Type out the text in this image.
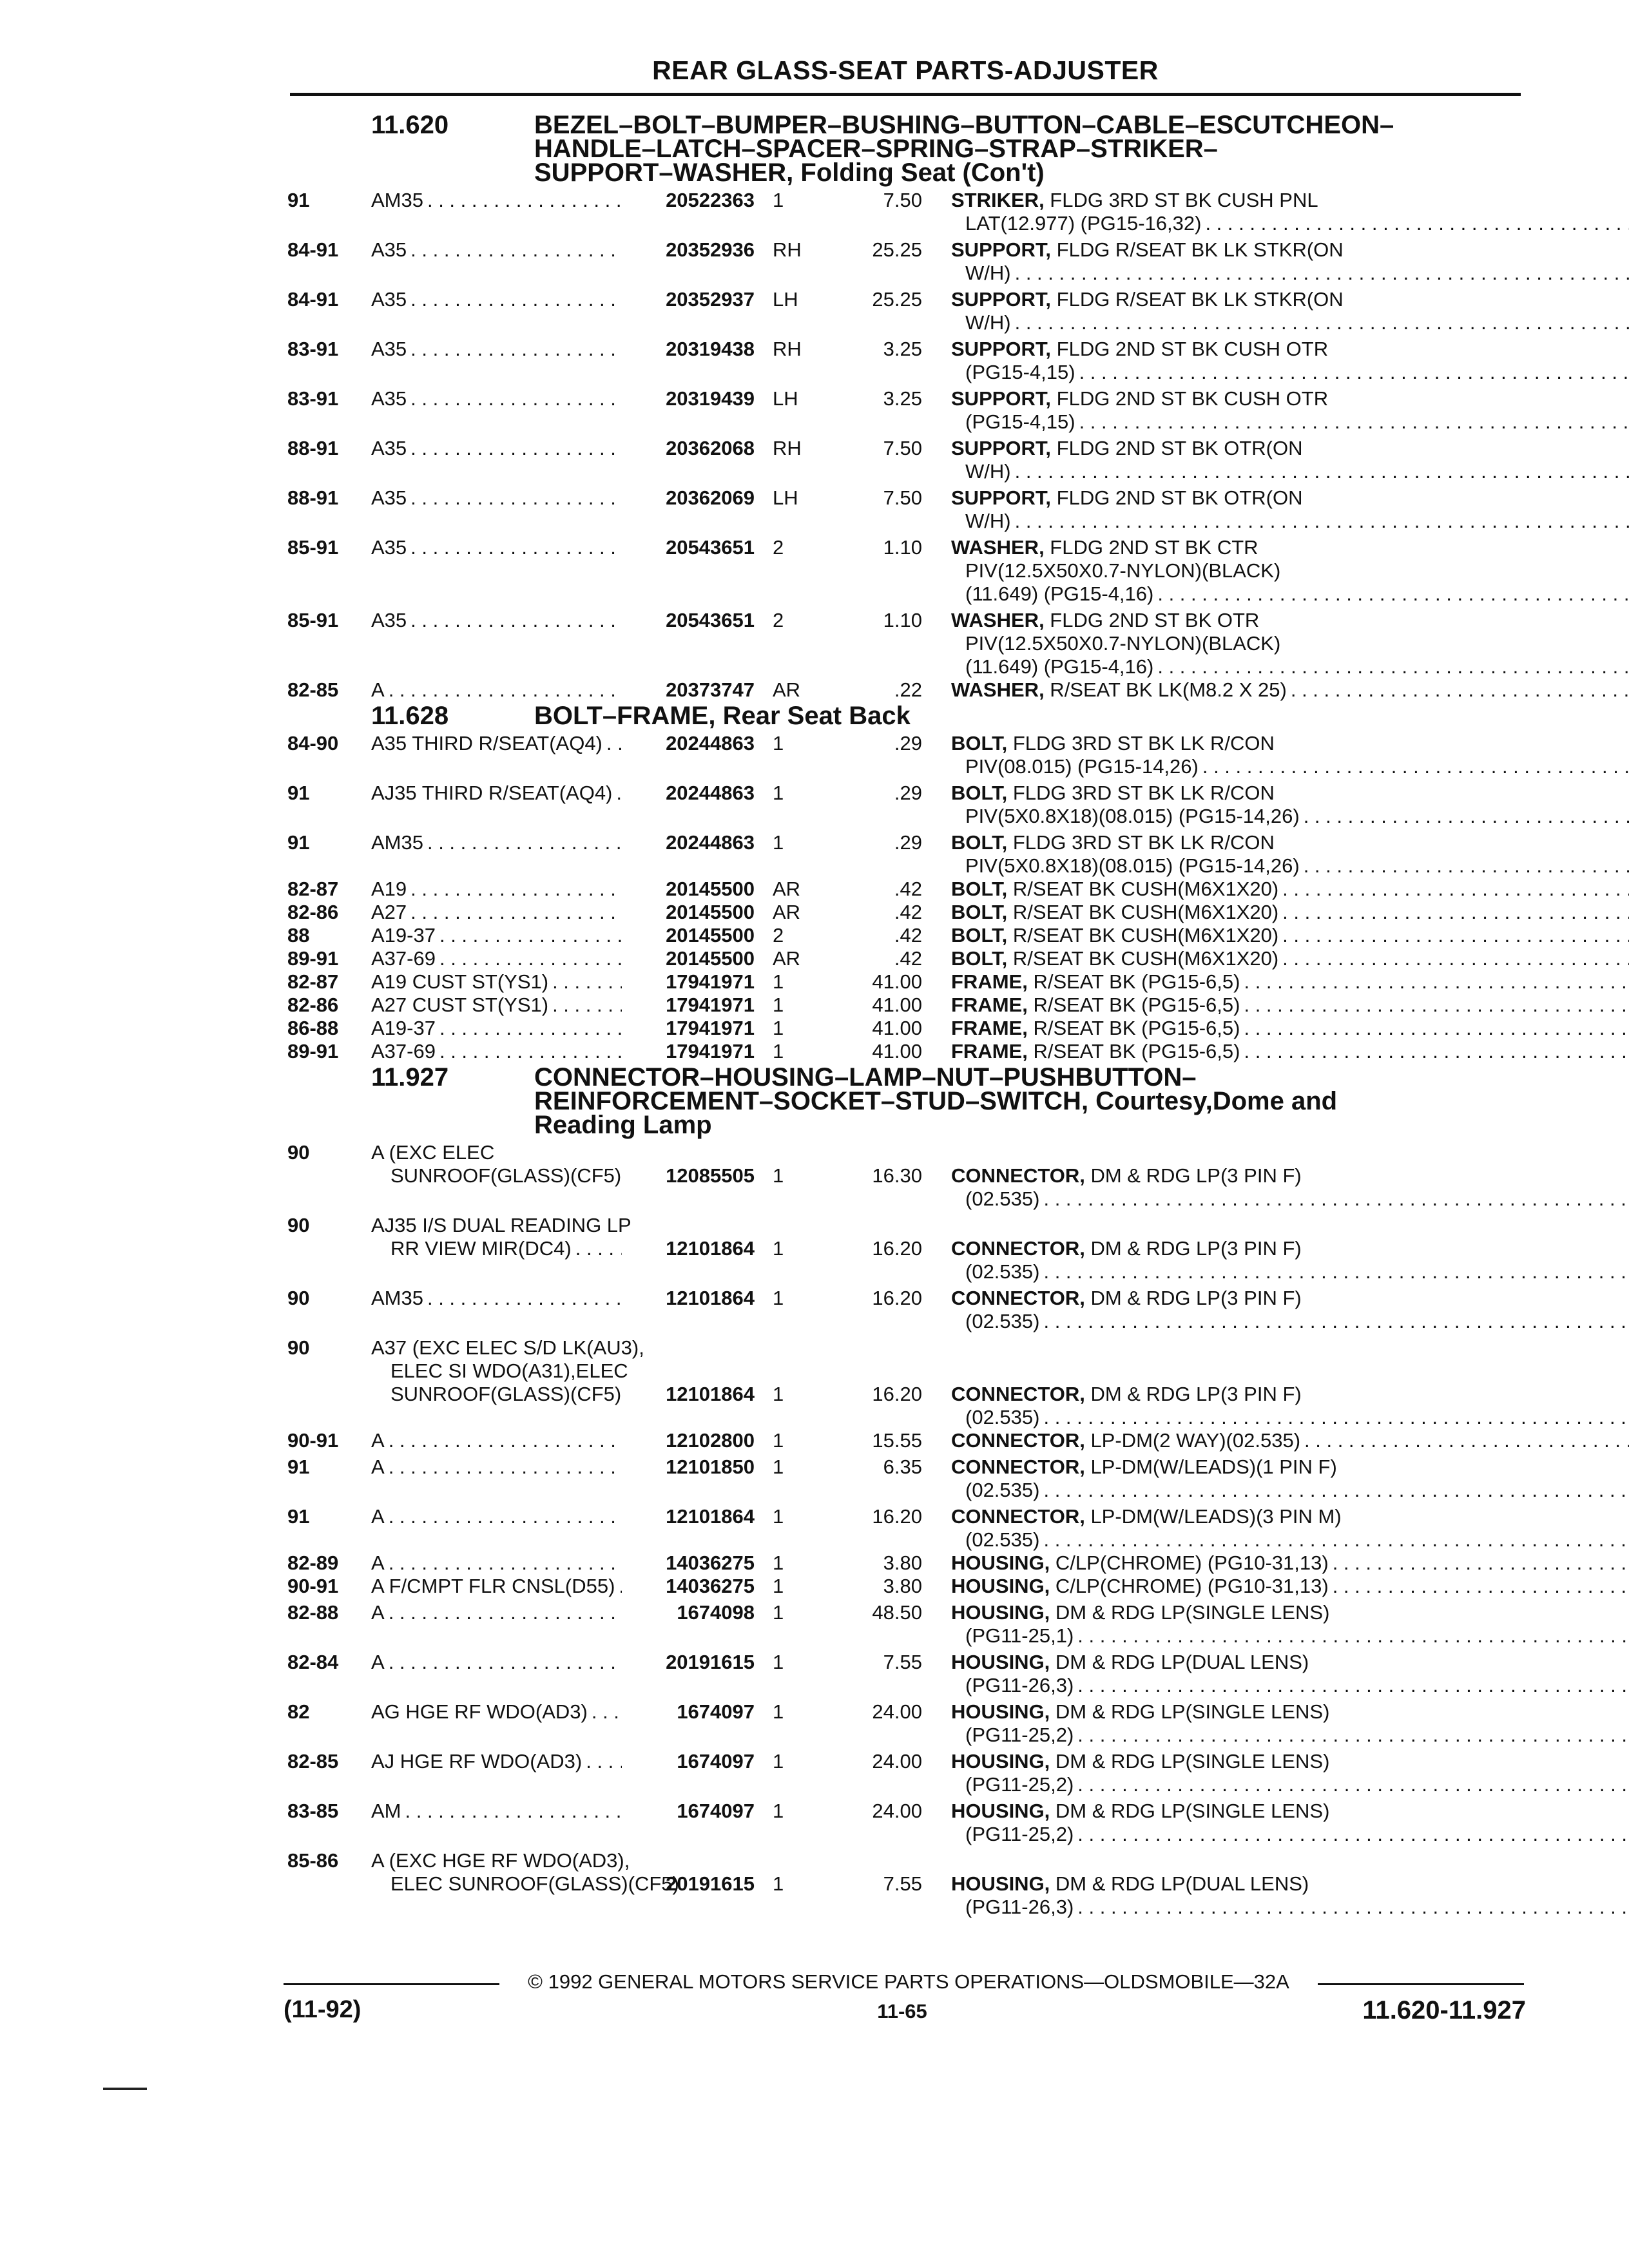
REAR GLASS-SEAT PARTS-ADJUSTER
11.620	BEZEL–BOLT–BUMPER–BUSHING–BUTTON–CABLE–ESCUTCHEON–
HANDLE–LATCH–SPACER–SPRING–STRAP–STRIKER–
SUPPORT–WASHER, Folding Seat (Con't)
91	AM35 . . .	20522363 1	7.50 STRIKER, FLDG 3RD ST BK CUSH PNL
LAT(12.977) (PG15-16,32)
. . .
84-91	A35 . . .	20352936 RH	25.25 SUPPORT, FLDG R/SEAT BK LK STKR(ON
W/H)
. . .
84-91	A35 . . .	20352937 LH	25.25 SUPPORT, FLDG R/SEAT BK LK STKR(ON
W/H)
. . .
83-91	A35 . . .	20319438 RH	3.25 SUPPORT, FLDG 2ND ST BK CUSH OTR
(PG15-4,15)
. . .
83-91	A35 . . .	20319439 LH	3.25 SUPPORT, FLDG 2ND ST BK CUSH OTR
(PG15-4,15)
. . .
88-91	A35 . . .	20362068 RH	7.50 SUPPORT, FLDG 2ND ST BK OTR(ON
W/H)
. . .
88-91	A35 . . .	20362069 LH	7.50 SUPPORT, FLDG 2ND ST BK OTR(ON
W/H)
. . .
85-91	A35 . . .	20543651 2	1.10 WASHER, FLDG 2ND ST BK CTR
PIV(12.5X50X0.7-NYLON)(BLACK)
(11.649) (PG15-4,16)
. . .
85-91	A35 . . .	20543651 2	1.10 WASHER, FLDG 2ND ST BK OTR
PIV(12.5X50X0.7-NYLON)(BLACK)
(11.649) (PG15-4,16)
. . .
82-85	A . . .	20373747 AR	.22 WASHER, R/SEAT BK LK(M8.2 X 25)
. . .
11.628	BOLT–FRAME, Rear Seat Back
84-90	A35 THIRD R/SEAT(AQ4) . . .	20244863 1	.29 BOLT, FLDG 3RD ST BK LK R/CON
PIV(08.015) (PG15-14,26)
. . .
91	AJ35 THIRD R/SEAT(AQ4) . . .	20244863 1	.29 BOLT, FLDG 3RD ST BK LK R/CON
PIV(5X0.8X18)(08.015) (PG15-14,26)
. . .
91	AM35 . . .	20244863 1	.29 BOLT, FLDG 3RD ST BK LK R/CON
PIV(5X0.8X18)(08.015) (PG15-14,26)
. . .
82-87	A19 . . .	20145500 AR	.42 BOLT, R/SEAT BK CUSH(M6X1X20)
. . .
82-86	A27 . . .	20145500 AR	.42 BOLT, R/SEAT BK CUSH(M6X1X20)
. . .
88	A19-37 . . .	20145500 2	.42 BOLT, R/SEAT BK CUSH(M6X1X20)
. . .
89-91	A37-69 . . .	20145500 AR	.42 BOLT, R/SEAT BK CUSH(M6X1X20)
. . .
82-87	A19 CUST ST(YS1) . . .	17941971 1	41.00 FRAME, R/SEAT BK (PG15-6,5)
. . .
82-86	A27 CUST ST(YS1) . . .	17941971 1	41.00 FRAME, R/SEAT BK (PG15-6,5)
. . .
86-88	A19-37 . . .	17941971 1	41.00 FRAME, R/SEAT BK (PG15-6,5)
. . .
89-91	A37-69 . . .	17941971 1	41.00 FRAME, R/SEAT BK (PG15-6,5)
. . .
11.927	CONNECTOR–HOUSING–LAMP–NUT–PUSHBUTTON–
REINFORCEMENT–SOCKET–STUD–SWITCH, Courtesy,Dome and
Reading Lamp
90	A (EXC ELEC
SUNROOF(GLASS)(CF5)	12085505 1	16.30 CONNECTOR, DM & RDG LP(3 PIN F)
(02.535)
. . .
90	AJ35 I/S DUAL READING LP
RR VIEW MIR(DC4) . . .	12101864 1	16.20 CONNECTOR, DM & RDG LP(3 PIN F)
(02.535)
. . .
90	AM35 . . .	12101864 1	16.20 CONNECTOR, DM & RDG LP(3 PIN F)
(02.535)
. . .
90	A37 (EXC ELEC S/D LK(AU3),
ELEC SI WDO(A31),ELEC
SUNROOF(GLASS)(CF5)	12101864 1	16.20 CONNECTOR, DM & RDG LP(3 PIN F)
(02.535)
. . .
90-91	A . . .	12102800 1	15.55 CONNECTOR, LP-DM(2 WAY)(02.535)
. . .
91	A . . .	12101850 1	6.35 CONNECTOR, LP-DM(W/LEADS)(1 PIN F)
(02.535)
. . .
91	A . . .	12101864 1	16.20 CONNECTOR, LP-DM(W/LEADS)(3 PIN M)
(02.535)
. . .
82-89	A . . .	14036275 1	3.80 HOUSING, C/LP(CHROME) (PG10-31,13)
. . .
90-91	A F/CMPT FLR CNSL(D55) . . .	14036275 1	3.80 HOUSING, C/LP(CHROME) (PG10-31,13)
. . .
82-88	A . . .	1674098 1	48.50 HOUSING, DM & RDG LP(SINGLE LENS)
(PG11-25,1)
. . .
82-84	A . . .	20191615 1	7.55 HOUSING, DM & RDG LP(DUAL LENS)
(PG11-26,3)
. . .
82	AG HGE RF WDO(AD3) . . .	1674097 1	24.00 HOUSING, DM & RDG LP(SINGLE LENS)
(PG11-25,2)
. . .
82-85	AJ HGE RF WDO(AD3) . . .	1674097 1	24.00 HOUSING, DM & RDG LP(SINGLE LENS)
(PG11-25,2)
. . .
83-85	AM . . .	1674097 1	24.00 HOUSING, DM & RDG LP(SINGLE LENS)
(PG11-25,2)
. . .
85-86	A (EXC HGE RF WDO(AD3),
ELEC SUNROOF(GLASS)(CF5)
20191615 1	7.55 HOUSING, DM & RDG LP(DUAL LENS)
(PG11-26,3)
. . .
© 1992 GENERAL MOTORS SERVICE PARTS OPERATIONS—OLDSMOBILE—32A
(11-92)	11-65	11.620-11.927
